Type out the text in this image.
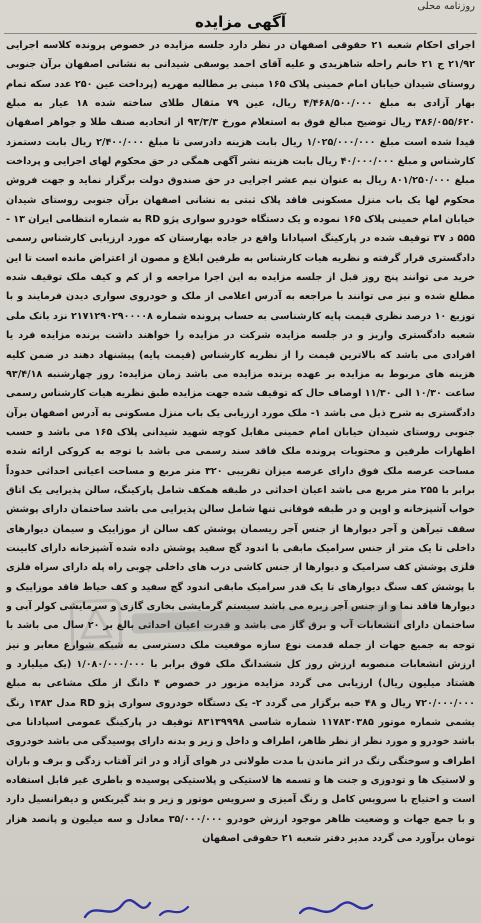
روزنامه محلی
آگهی مزایده

اجرای احکام شعبه ۲۱ حقوقی اصفهان در نظر دارد جلسه مزایده در خصوص پرونده کلاسه اجرایی ۲۱/۹۲ ج ۲۱ خانم راحله شاهزیدی و علیه آقای احمد یوسفی شیدانی به نشانی اصفهان برآن جنوبی روستای شیدان خیابان امام خمینی پلاک ۱۶۵ مبنی بر مطالبه مهریه (پرداخت عین ۲۵۰ عدد سکه تمام بهار آزادی به مبلغ ۴/۴۶۸/۵۰۰/۰۰۰ ریال، عین ۷۹ مثقال طلای ساخته شده ۱۸ عیار به مبلغ ۳۸۶/۰۵۵/۶۲۰ ریال توضیح مبالغ فوق به استعلام مورخ ۹۳/۳/۳ از اتحادیه صنف طلا و جواهر اصفهان قیدا شده است مبلغ ۱/۰۲۵/۰۰۰/۰۰۰ ریال بابت هزینه دادرسی تا مبلغ ۲/۴۰۰/۰۰۰ ریال بابت دستمزد کارشناس و مبلغ ۴۰/۰۰۰/۰۰۰ ریال بابت هزینه نشر آگهی همگی در حق محکوم لهای اجرایی و پرداخت مبلغ ۸۰۱/۲۵۰/۰۰۰ ریال به عنوان نیم عشر اجرایی در حق صندوق دولت برگزار نماید و جهت فروش محکوم لها یک باب منزل مسکونی فاقد پلاک ثبتی به نشانی اصفهان برآن جنوبی روستای شیدان خیابان امام خمینی پلاک ۱۶۵ نموده و یک دستگاه خودرو سواری پژو RD به شماره انتظامی ایران ۱۳ - ۵۵۵ د ۳۷ توقیف شده در پارکینگ اسپادانا واقع در جاده بهارستان که مورد ارزیابی کارشناس رسمی دادگستری قرار گرفته و نظریه هیات کارشناس به طرفین ابلاغ و مصون از اعتراض مانده است تا این خرید می توانند پنج روز قبل از جلسه مزایده به این اجرا مراجعه و از کم و کیف ملک توقیف شده مطلع شده و نیز می توانند با مراجعه به آدرس اعلامی از ملک و خودروی سواری دیدن فرمایند و با توزیع ۱۰ درصد نظری قیمت پایه کارشناسی به حساب پرونده شماره ۲۱۷۱۲۹۰۲۹۰۰۰۰۸ نزد بانک ملی شعبه دادگستری واریز و در جلسه مزایده شرکت در مزایده را خواهند داشت برنده مزایده فرد یا افرادی می باشد که بالاترین قیمت را از نظریه کارشناس (قیمت پایه) پیشنهاد دهند در ضمن کلیه هزینه های مربوط به مزایده بر عهده برنده مزایده می باشد زمان مزایده: روز چهارشنبه ۹۳/۴/۱۸ ساعت ۱۰/۳۰ الی ۱۱/۳۰ اوصاف حال که توقیف شده جهت مزایده طبق نظریه هیات کارشناس رسمی دادگستری به شرح ذیل می باشد ۱- ملک مورد ارزیابی یک باب منزل مسکونی به آدرس اصفهان برآن جنوبی روستای شیدان خیابان امام خمینی مقابل کوچه شهید شیدانی پلاک ۱۶۵ می باشد و حسب اظهارات طرفین و محتویات پرونده ملک فاقد سند رسمی می باشد با توجه به کروکی ارائه شده مساحت عرصه ملک فوق دارای عرصه میزان تقریبی ۳۲۰ متر مربع و مساحت اعیانی احداثی حدوداً برابر با ۲۵۵ متر مربع می باشد اعیان احداثی در طبقه همکف شامل پارکینگ، سالن پذیرایی یک اتاق خواب آشپزخانه و اوپن و در طبقه فوقانی تنها شامل سالن پذیرایی می باشد ساختمان دارای پوشش سقف تیرآهن و آجر دیوارها از جنس آجر ریسمان پوشش کف سالن از موزاییک و سیمان دیوارهای داخلی تا یک متر از جنس سرامیک مابقی با اندود گچ سفید پوشش داده شده آشپزخانه دارای کابینت فلزی پوشش کف سرامیک و دیوارها از جنس کاشی درب های داخلی چوبی راه پله دارای سراه فلزی با پوشش کف سنگ دیوارهای تا یک قدر سرامیک مابقی اندود گچ سفید و کف حیاط فاقد موزاییک و دیوارها فاقد نما و از جنس آجر زبره می باشد سیستم گرمایشی بخاری گازی و سرمایشی کولر آبی و ساختمان دارای انشعابات آب و برق گاز می باشد و قدرت اعیان احداثی بالغ بر ۲۰ سال می باشد با توجه به جمیع جهات از جمله قدمت نوع سازه موقعیت ملک دسترسی به شبکه شوارع معابر و نیز ارزش انشعابات منصوبه ارزش روز کل ششدانگ ملک فوق برابر با ۱/۰۸۰/۰۰۰/۰۰۰ (یک میلیارد و هشتاد میلیون ریال) ارزیابی می گردد مزایده مزبور در خصوص ۴ دانگ از ملک مشاعی به مبلغ ۷۲۰/۰۰۰/۰۰۰ ریال و ۴۸ حبه برگزار می گردد ۲- یک دستگاه خودروی سواری پژو RD مدل ۱۳۸۳ رنگ یشمی شماره موتور ۱۱۷۸۳۰۳۸۵ شماره شاسی ۸۳۱۳۹۹۹۸ توقیف در پارکینگ عمومی اسپادانا می باشد خودرو و مورد نظر از نظر ظاهر، اطراف و داخل و زیر و بدنه دارای پوسیدگی می باشد خودروی اطراف و سوختگی رنگ در اثر ماندن با مدت طولانی در هوای آزاد و در اثر آفتاب زدگی و برف و باران و لاستیک ها و تودوزی و جنت ها و تسمه ها لاستیکی و پلاستیکی پوسیده و باطری غیر قابل استفاده است و احتیاج با سرویس کامل و رنگ آمیزی و سرویس موتور و زیر و بند گیربکس و دیفرانسیل دارد و با جمع جهات و وضعیت ظاهر موجود ارزش خودرو ۳۵/۰۰۰/۰۰۰ معادل و سه میلیون و پانصد هزار تومان برآورد می گردد مدیر دفتر شعبه ۲۱ حقوقی اصفهان
